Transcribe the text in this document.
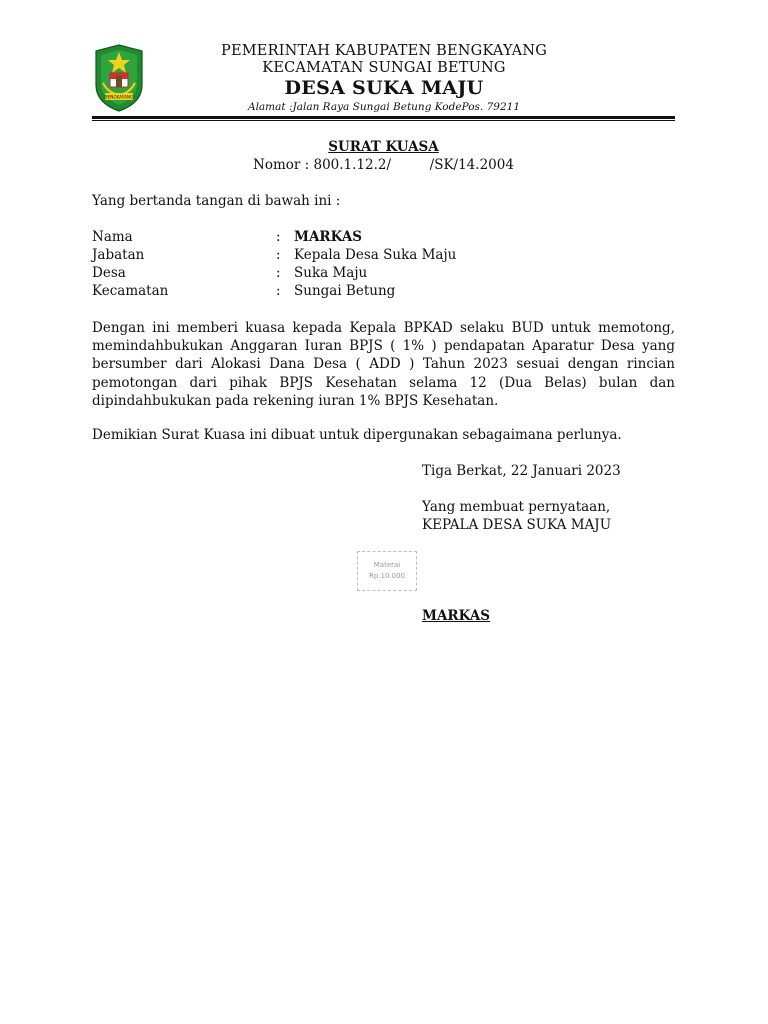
BENGKAYANG
PEMERINTAH KABUPATEN BENGKAYANG
KECAMATAN SUNGAI BETUNG
DESA SUKA MAJU
Alamat :Jalan Raya Sungai Betung KodePos. 79211
SURAT KUASA
Nomor : 800.1.12.2/         /SK/14.2004
Yang bertanda tangan di bawah ini :
Nama	: MARKAS
Jabatan	: Kepala Desa Suka Maju
Desa	: Suka Maju
Kecamatan	: Sungai Betung
Dengan ini memberi kuasa kepada Kepala BPKAD selaku BUD untuk memotong, memindahbukukan Anggaran Iuran BPJS ( 1% ) pendapatan Aparatur Desa yang bersumber dari Alokasi Dana Desa ( ADD ) Tahun 2023 sesuai dengan rincian pemotongan dari pihak BPJS Kesehatan selama 12 (Dua Belas) bulan dan dipindahbukukan pada rekening iuran 1% BPJS Kesehatan.
Demikian Surat Kuasa ini dibuat untuk dipergunakan sebagaimana perlunya.
Tiga Berkat, 22 Januari 2023
Yang membuat pernyataan,
KEPALA DESA SUKA MAJU
Materai
Rp.10.000
MARKAS
